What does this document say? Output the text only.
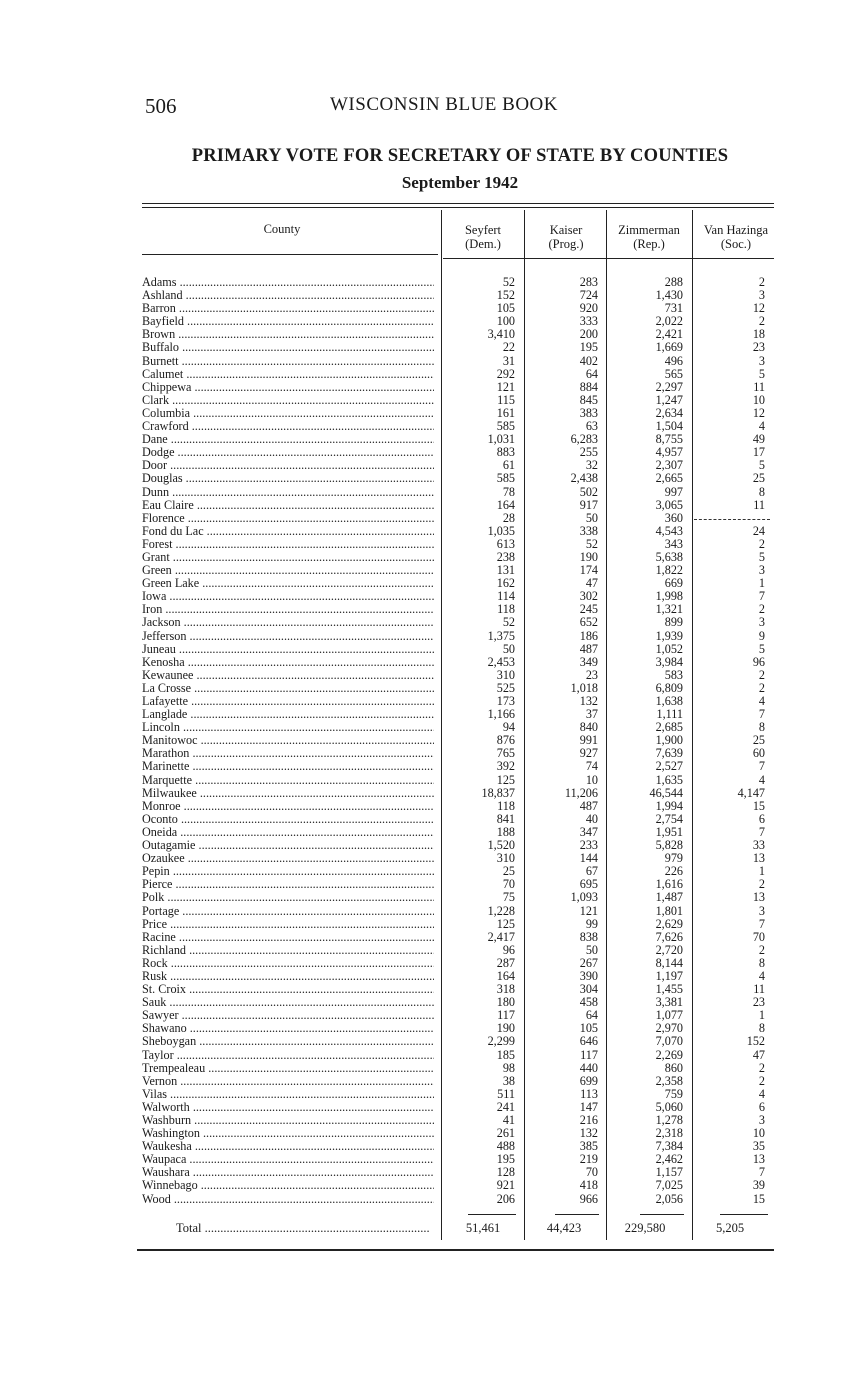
506	WISCONSIN BLUE BOOK
PRIMARY VOTE FOR SECRETARY OF STATE BY COUNTIES
September 1942
County	Seyfert
(Dem.)
Kaiser
(Prog.)
Zimmerman
(Rep.)
Van Hazinga
(Soc.)
Adams .....	52	283	288	2
Ashland .....	152	724	1,430	3
Barron .....	105	920	731	12
Bayfield .....	100	333	2,022	2
Brown .....	3,410	200	2,421	18
Buffalo .....	22	195	1,669	23
Burnett .....	31	402	496	3
Calumet .....	292	64	565	5
Chippewa .....	121	884	2,297	11
Clark .....	115	845	1,247	10
Columbia .....	161	383	2,634	12
Crawford .....	585	63	1,504	4
Dane .....	1,031	6,283	8,755	49
Dodge .....	883	255	4,957	17
Door .....	61	32	2,307	5
Douglas .....	585	2,438	2,665	25
Dunn .....	78	502	997	8
Eau Claire .....	164	917	3,065	11
Florence .....	28	50	360
Fond du Lac .....	1,035	338	4,543	24
Forest .....	613	52	343	2
Grant .....	238	190	5,638	5
Green .....	131	174	1,822	3
Green Lake .....	162	47	669	1
Iowa .....	114	302	1,998	7
Iron .....	118	245	1,321	2
Jackson .....	52	652	899	3
Jefferson .....	1,375	186	1,939	9
Juneau .....	50	487	1,052	5
Kenosha .....	2,453	349	3,984	96
Kewaunee .....	310	23	583	2
La Crosse .....	525	1,018	6,809	2
Lafayette .....	173	132	1,638	4
Langlade .....	1,166	37	1,111	7
Lincoln .....	94	840	2,685	8
Manitowoc .....	876	991	1,900	25
Marathon .....	765	927	7,639	60
Marinette .....	392	74	2,527	7
Marquette .....	125	10	1,635	4
Milwaukee .....	18,837	11,206	46,544	4,147
Monroe .....	118	487	1,994	15
Oconto .....	841	40	2,754	6
Oneida .....	188	347	1,951	7
Outagamie .....	1,520	233	5,828	33
Ozaukee .....	310	144	979	13
Pepin .....	25	67	226	1
Pierce .....	70	695	1,616	2
Polk .....	75	1,093	1,487	13
Portage .....	1,228	121	1,801	3
Price .....	125	99	2,629	7
Racine .....	2,417	838	7,626	70
Richland .....	96	50	2,720	2
Rock .....	287	267	8,144	8
Rusk .....	164	390	1,197	4
St. Croix .....	318	304	1,455	11
Sauk .....	180	458	3,381	23
Sawyer .....	117	64	1,077	1
Shawano .....	190	105	2,970	8
Sheboygan .....	2,299	646	7,070	152
Taylor .....	185	117	2,269	47
Trempealeau .....	98	440	860	2
Vernon .....	38	699	2,358	2
Vilas .....	511	113	759	4
Walworth .....	241	147	5,060	6
Washburn .....	41	216	1,278	3
Washington .....	261	132	2,318	10
Waukesha .....	488	385	7,384	35
Waupaca .....	195	219	2,462	13
Waushara .....	128	70	1,157	7
Winnebago .....	921	418	7,025	39
Wood .....	206	966	2,056	15
Total .....	51,461	44,423	229,580	5,205
